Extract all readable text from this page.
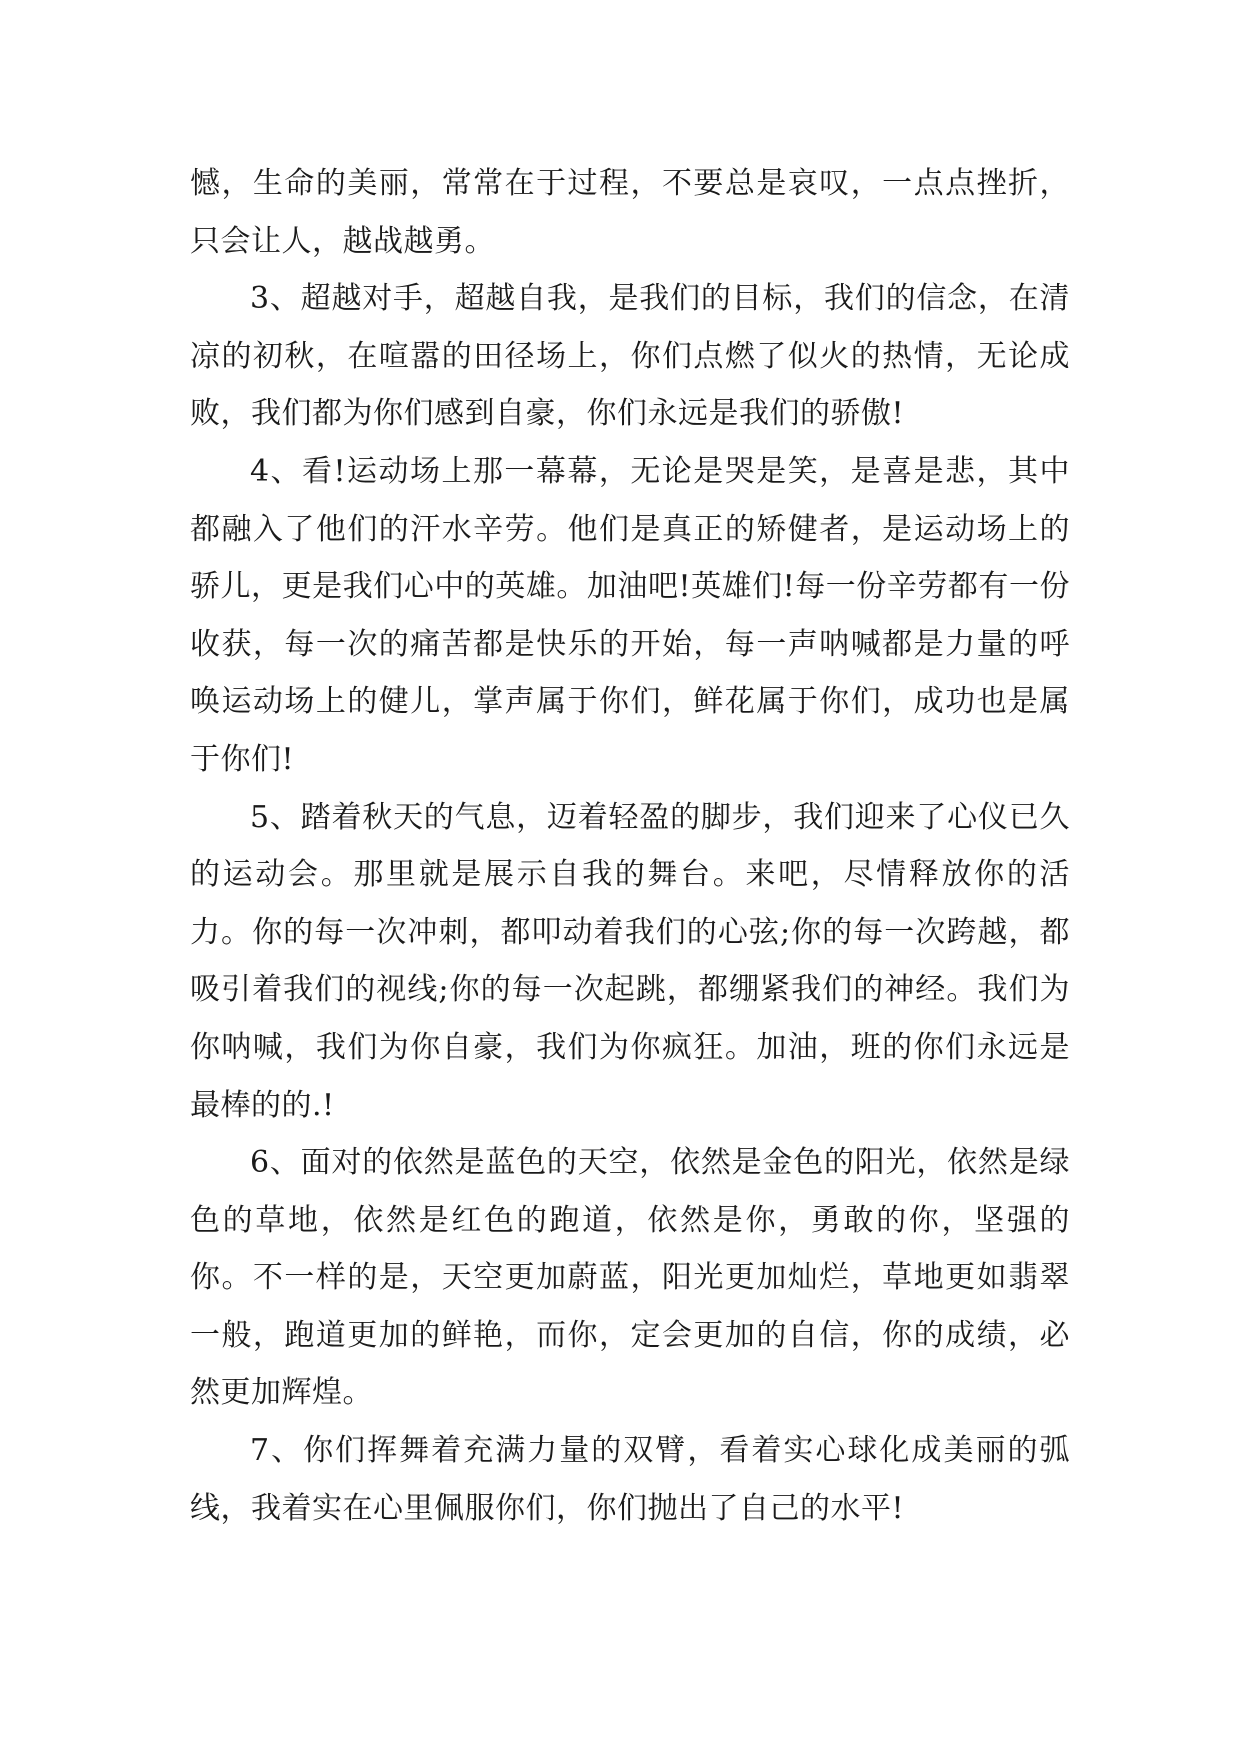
憾，生命的美丽，常常在于过程，不要总是哀叹，一点点挫折，只会让人，越战越勇。

3、超越对手，超越自我，是我们的目标，我们的信念，在清凉的初秋，在喧嚣的田径场上，你们点燃了似火的热情，无论成败，我们都为你们感到自豪，你们永远是我们的骄傲!

4、看!运动场上那一幕幕，无论是哭是笑，是喜是悲，其中都融入了他们的汗水辛劳。他们是真正的矫健者，是运动场上的骄儿，更是我们心中的英雄。加油吧!英雄们!每一份辛劳都有一份收获，每一次的痛苦都是快乐的开始，每一声呐喊都是力量的呼唤运动场上的健儿，掌声属于你们，鲜花属于你们，成功也是属于你们!

5、踏着秋天的气息，迈着轻盈的脚步，我们迎来了心仪已久的运动会。那里就是展示自我的舞台。来吧，尽情释放你的活力。你的每一次冲刺，都叩动着我们的心弦;你的每一次跨越，都吸引着我们的视线;你的每一次起跳，都绷紧我们的神经。我们为你呐喊，我们为你自豪，我们为你疯狂。加油，班的你们永远是最棒的的.!

6、面对的依然是蓝色的天空，依然是金色的阳光，依然是绿色的草地，依然是红色的跑道，依然是你，勇敢的你，坚强的你。不一样的是，天空更加蔚蓝，阳光更加灿烂，草地更如翡翠一般，跑道更加的鲜艳，而你，定会更加的自信，你的成绩，必然更加辉煌。

7、你们挥舞着充满力量的双臂，看着实心球化成美丽的弧线，我着实在心里佩服你们，你们抛出了自己的水平!
